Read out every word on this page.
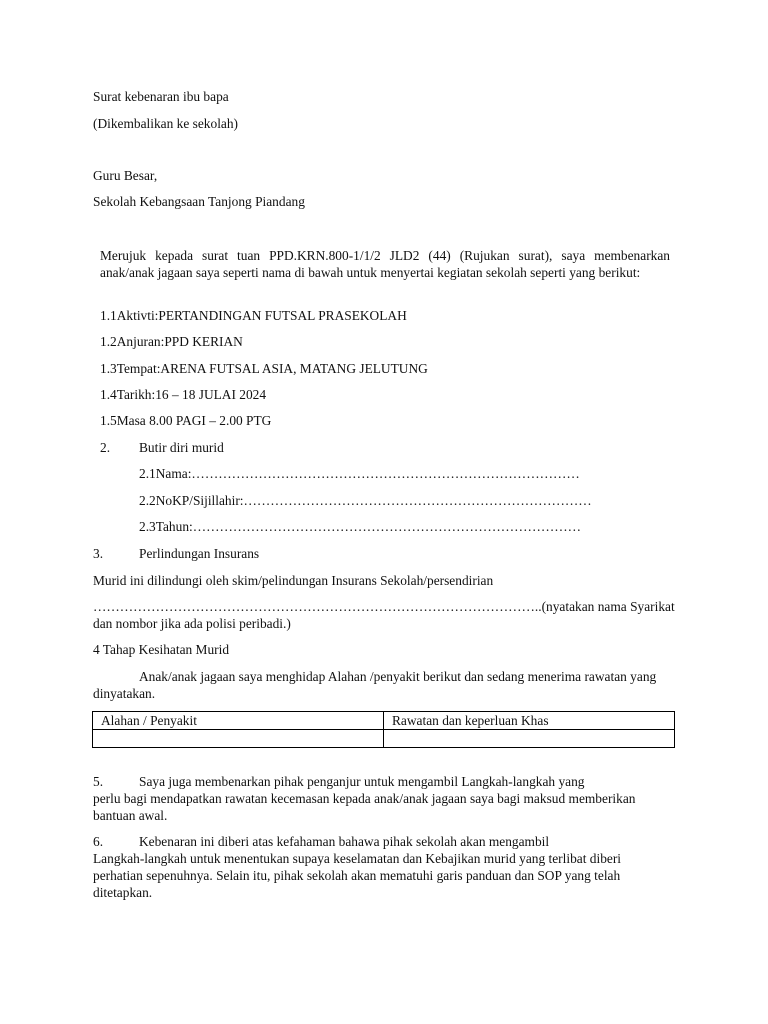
Surat kebenaran ibu bapa
(Dikembalikan ke sekolah)
Guru Besar,
Sekolah Kebangsaan Tanjong Piandang
Merujuk kepada surat tuan PPD.KRN.800-1/1/2 JLD2 (44) (Rujukan surat), saya membenarkan anak/anak jagaan saya seperti nama di bawah untuk menyertai kegiatan sekolah seperti yang berikut:
1.1Aktivti:PERTANDINGAN FUTSAL PRASEKOLAH
1.2Anjuran:PPD KERIAN
1.3Tempat:ARENA FUTSAL ASIA, MATANG JELUTUNG
1.4Tarikh:16 – 18 JULAI 2024
1.5Masa 8.00 PAGI – 2.00 PTG
2. Butir diri murid
2.1Nama:……………………………………………………………………………
2.2NoKP/Sijillahir:……………………………………………………………………
2.3Tahun:……………………………………………………………………………
3.	Perlindungan Insurans
Murid ini dilindungi oleh skim/pelindungan Insurans Sekolah/persendirian
………………………………………………………………………………………..(nyatakan nama Syarikat dan nombor jika ada polisi peribadi.)
4 Tahap Kesihatan Murid
Anak/anak jagaan saya menghidap Alahan /penyakit berikut dan sedang menerima rawatan yang dinyatakan.
Alahan / Penyakit	Rawatan dan keperluan Khas

5.	Saya juga membenarkan pihak penganjur untuk mengambil Langkah-langkah yang
perlu bagi mendapatkan rawatan kecemasan kepada anak/anak jagaan saya bagi maksud memberikan bantuan awal.
6.	Kebenaran ini diberi atas kefahaman bahawa pihak sekolah akan mengambil
Langkah-langkah untuk menentukan supaya keselamatan dan Kebajikan murid yang terlibat diberi perhatian sepenuhnya. Selain itu, pihak sekolah akan mematuhi garis panduan dan SOP yang telah ditetapkan.
